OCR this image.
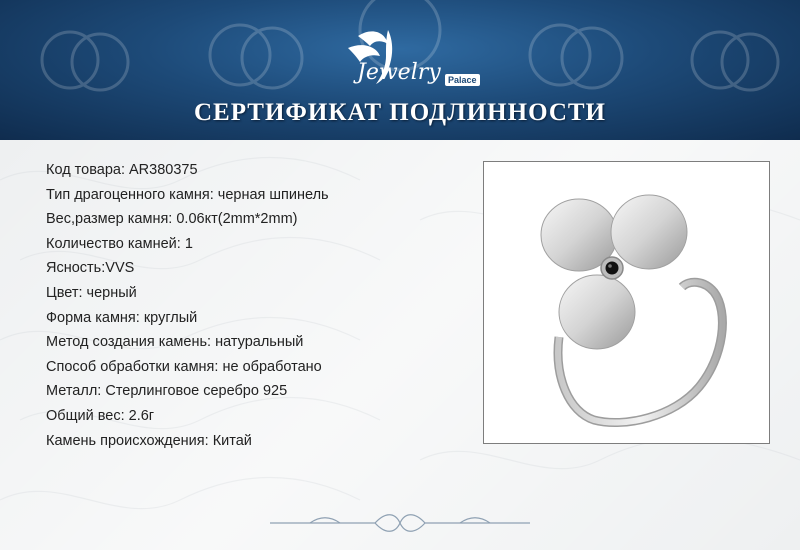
Jewelry Palace
СЕРТИФИКАТ ПОДЛИННОСТИ
Код товара: AR380375
Тип драгоценного камня: черная шпинель
Вес,размер камня: 0.06кт(2mm*2mm)
Количество камней: 1
Ясность:VVS
Цвет: черный
Форма камня: круглый
Метод создания камень: натуральный
Способ обработки камня: не обработано
Металл: Стерлинговое серебро 925
Общий вес: 2.6г
Камень происхождения: Китай
